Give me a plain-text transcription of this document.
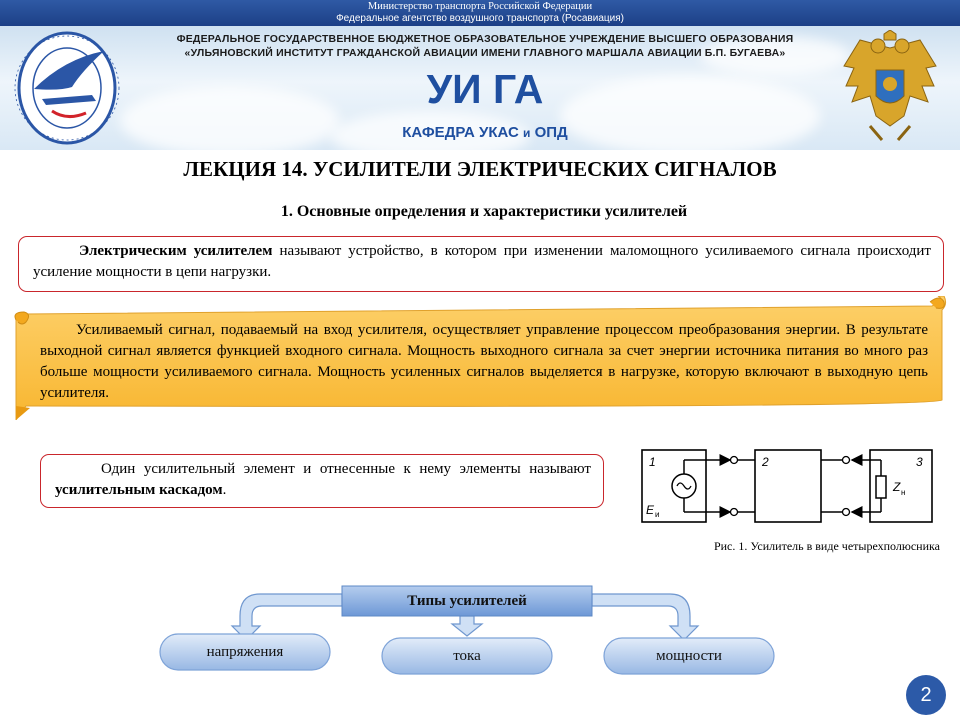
Министерство транспорта Российской Федерации
Федеральное агентство воздушного транспорта (Росавиация)
ФЕДЕРАЛЬНОЕ ГОСУДАРСТВЕННОЕ БЮДЖЕТНОЕ ОБРАЗОВАТЕЛЬНОЕ УЧРЕЖДЕНИЕ ВЫСШЕГО ОБРАЗОВАНИЯ
«УЛЬЯНОВСКИЙ ИНСТИТУТ ГРАЖДАНСКОЙ АВИАЦИИ ИМЕНИ ГЛАВНОГО МАРШАЛА АВИАЦИИ Б.П. БУГАЕВА»
УИ ГА
КАФЕДРА УКАС и ОПД
ЛЕКЦИЯ 14. УСИЛИТЕЛИ ЭЛЕКТРИЧЕСКИХ СИГНАЛОВ
1. Основные определения и характеристики усилителей
Электрическим усилителем называют устройство, в котором при изменении маломощного усиливаемого сигнала происходит усиление мощности в цепи нагрузки.
Усиливаемый сигнал, подаваемый на вход усилителя, осуществляет управление процессом преобразования энергии. В результате выходной сигнал является функцией входного сигнала. Мощность выходного сигнала за счет энергии источника питания во много раз больше мощности усиливаемого сигнала. Мощность усиленных сигналов выделяется в нагрузке, которую включают в выходную цепь усилителя.
Один усилительный элемент и отнесенные к нему элементы называют усилительным каскадом.
1
E и
2	3
Z н
Рис. 1. Усилитель в виде четырехполюсника
Типы усилителей
напряжения	тока	мощности
2
